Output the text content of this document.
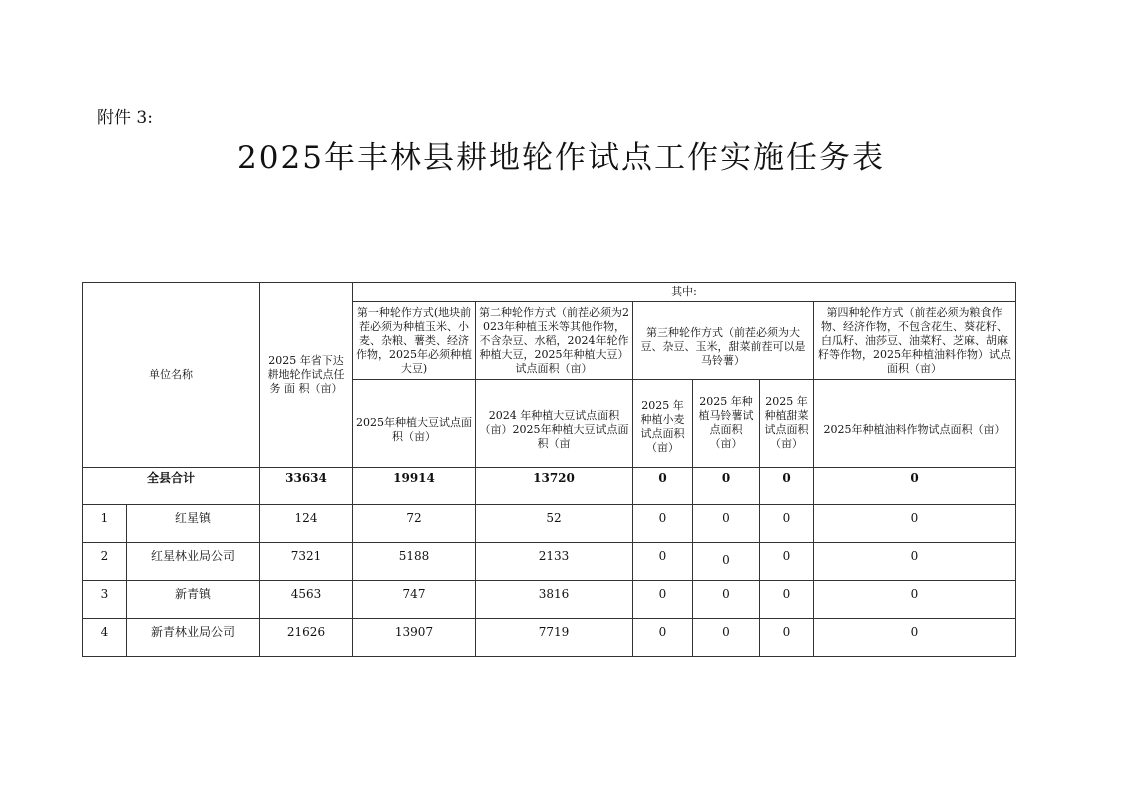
附件 3:
2025年丰林县耕地轮作试点工作实施任务表
单位名称		2025 年省下达耕地轮作试点任 务 面 积（亩）	其中:					
			第一种轮作方式(地块前茬必须为种植玉米、小麦、杂粮、薯类、经济作物，2025年必须种植大豆)	第二种轮作方式（前茬必须为2023年种植玉米等其他作物，不含杂豆、水稻，2024年轮作种植大豆，2025年种植大豆）试点面积（亩）	第三种轮作方式（前茬必须为大豆、杂豆、玉米，甜菜前茬可以是马铃薯）			第四种轮作方式（前茬必须为粮食作物、经济作物，不包含花生、葵花籽、白瓜籽、油莎豆、油菜籽、芝麻、胡麻籽等作物，2025年种植油料作物）试点面积（亩）
			2025年种植大豆试点面积（亩）	2024 年种植大豆试点面积（亩）2025年种植大豆试点面积（亩	2025 年种植小麦试点面积（亩）	2025 年种植马铃薯试点面积（亩）	2025 年种植甜菜试点面积（亩）	2025年种植油料作物试点面积（亩）
全县合计		33634	19914	13720	0	0	0	0
1	红星镇	124	72	52	0	0	0	0
2	红星林业局公司	7321	5188	2133	0	0	0	0
3	新青镇	4563	747	3816	0	0	0	0
4	新青林业局公司	21626	13907	7719	0	0	0	0
